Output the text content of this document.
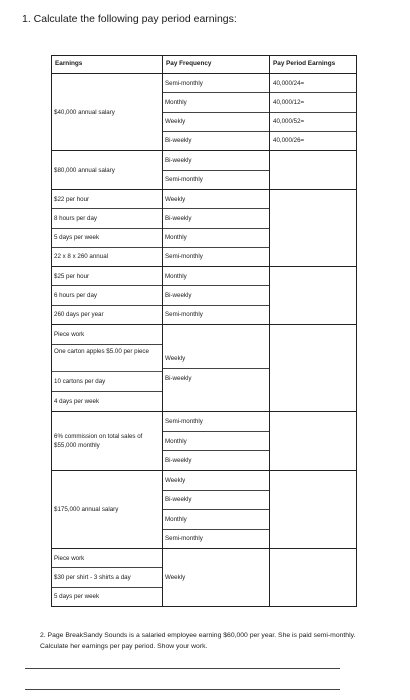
1. Calculate the following pay period earnings:
Earnings	Pay Frequency	Pay Period Earnings
$40,000 annual salary
Semi-monthly
Monthly
Weekly
Bi-weekly
40,000/24=
40,000/12=
40,000/52=
40,000/26=
$80,000 annual salary
Bi-weekly
Semi-monthly
$22 per hour
8 hours per day
5 days per week
22 x 8 x 260 annual
Weekly
Bi-weekly
Monthly
Semi-monthly
$25 per hour
6 hours per day
260 days per year
Monthly
Bi-weekly
Semi-monthly
Piece work
One carton apples $5.00 per piece
10 cartons per day
4 days per week
Weekly
Bi-weekly
6% commission on total sales of $55,000 monthly
Semi-monthly
Monthly
Bi-weekly
$175,000 annual salary
Weekly
Bi-weekly
Monthly
Semi-monthly
Piece work
$30 per shirt - 3 shirts a day
5 days per week
Weekly
2. Page BreakSandy Sounds is a salaried employee earning $60,000 per year. She is paid semi-monthly. Calculate her earnings per pay period. Show your work.
